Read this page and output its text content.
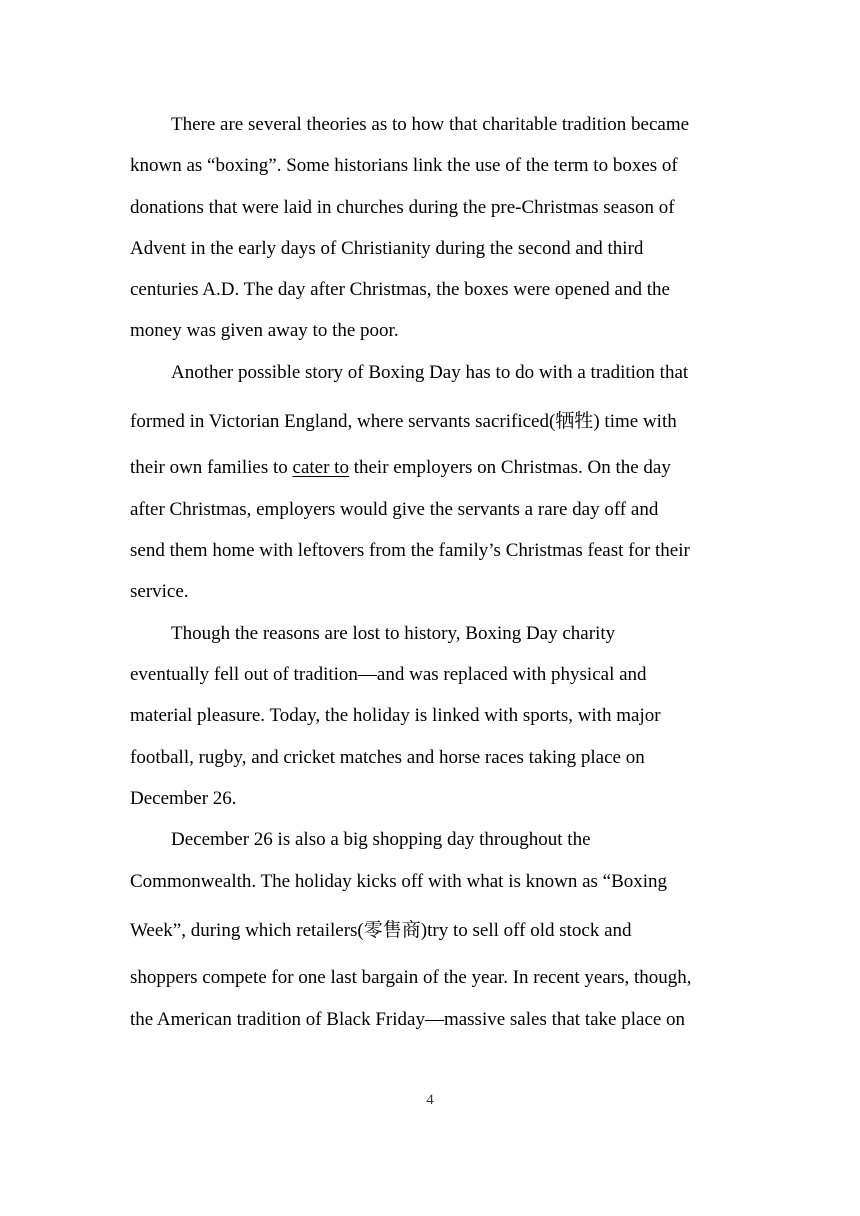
There are several theories as to how that charitable tradition became
known as “boxing”. Some historians link the use of the term to boxes of
donations that were laid in churches during the pre-Christmas season of
Advent in the early days of Christianity during the second and third
centuries A.D. The day after Christmas, the boxes were opened and the
money was given away to the poor.
Another possible story of Boxing Day has to do with a tradition that
formed in Victorian England, where servants sacrificed(牺牲) time with
their own families to cater to their employers on Christmas. On the day
after Christmas, employers would give the servants a rare day off and
send them home with leftovers from the family’s Christmas feast for their
service.
Though the reasons are lost to history, Boxing Day charity
eventually fell out of tradition—and was replaced with physical and
material pleasure. Today, the holiday is linked with sports, with major
football, rugby, and cricket matches and horse races taking place on
December 26.
December 26 is also a big shopping day throughout the
Commonwealth. The holiday kicks off with what is known as “Boxing
Week”, during which retailers(零售商)try to sell off old stock and
shoppers compete for one last bargain of the year. In recent years, though,
the American tradition of Black Friday—massive sales that take place on
4
